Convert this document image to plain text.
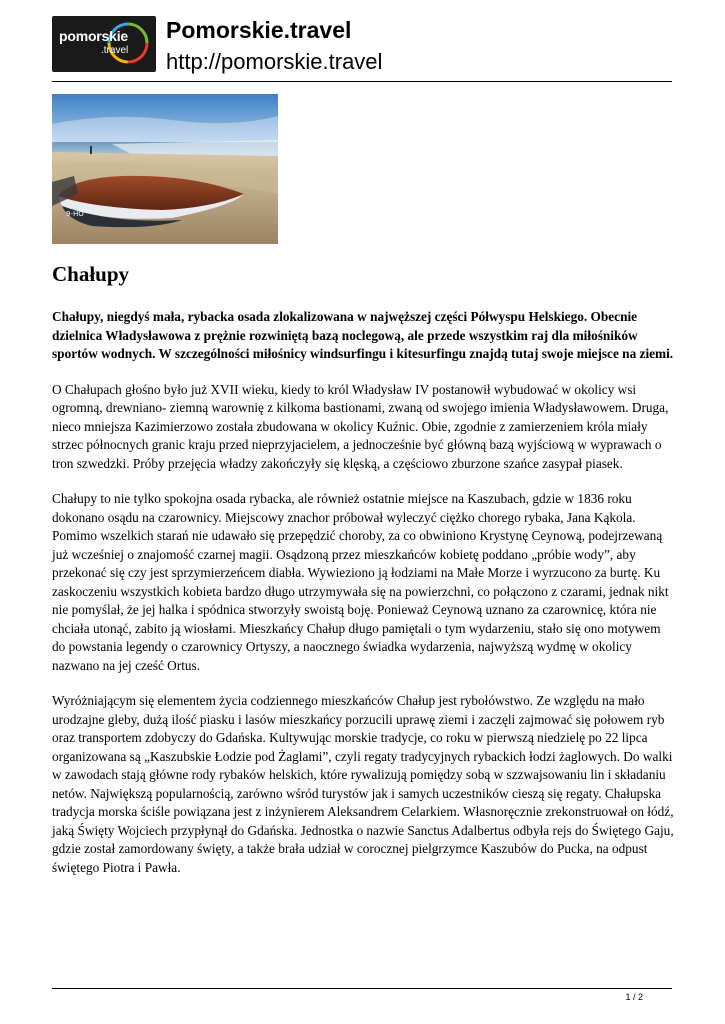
pomorskie
.travel
Pomorskie.travel
http://pomorskie.travel
9-HO
Chałupy

Chałupy, niegdyś mała, rybacka osada zlokalizowana w najwęższej części Półwyspu Helskiego. Obecnie dzielnica Władysławowa z prężnie rozwiniętą bazą noclegową, ale przede wszystkim raj dla miłośników sportów wodnych. W szczególności miłośnicy windsurfingu i kitesurfingu znajdą tutaj swoje miejsce na ziemi.

O Chałupach głośno było już XVII wieku, kiedy to król Władysław IV postanowił wybudować w okolicy wsi ogromną, drewniano- ziemną warownię z kilkoma bastionami, zwaną od swojego imienia Władysławowem. Druga, nieco mniejsza Kazimierzowo została zbudowana w okolicy Kuźnic. Obie, zgodnie z zamierzeniem króla miały strzec północnych granic kraju przed nieprzyjacielem, a jednocześnie być główną bazą wyjściową w wyprawach o tron szwedzki. Próby przejęcia władzy zakończyły się klęską, a częściowo zburzone szańce zasypał piasek.

Chałupy to nie tylko spokojna osada rybacka, ale również ostatnie miejsce na Kaszubach, gdzie w 1836 roku dokonano osądu na czarownicy. Miejscowy znachor próbował wyleczyć ciężko chorego rybaka, Jana Kąkola. Pomimo wszelkich starań nie udawało się przepędzić choroby, za co obwiniono Krystynę Ceynową, podejrzewaną już wcześniej o znajomość czarnej magii. Osądzoną przez mieszkańców kobietę poddano „próbie wody”, aby przekonać się czy jest sprzymierzeńcem diabła. Wywieziono ją łodziami na Małe Morze i wyrzucono za burtę. Ku zaskoczeniu wszystkich kobieta bardzo długo utrzymywała się na powierzchni, co połączono z czarami, jednak nikt nie pomyślał, że jej halka i spódnica stworzyły swoistą boję. Ponieważ Ceynową uznano za czarownicę, która nie chciała utonąć, zabito ją wiosłami. Mieszkańcy Chałup długo pamiętali o tym wydarzeniu, stało się ono motywem do powstania legendy o czarownicy Ortyszy, a naocznego świadka wydarzenia, najwyższą wydmę w okolicy nazwano na jej cześć Ortus.

Wyróżniającym się elementem życia codziennego mieszkańców Chałup jest rybołówstwo. Ze względu na mało urodzajne gleby, dużą ilość piasku i lasów mieszkańcy porzucili uprawę ziemi i zaczęli zajmować się połowem ryb oraz transportem zdobyczy do Gdańska. Kultywując morskie tradycje, co roku w pierwszą niedzielę po 22 lipca organizowana są „Kaszubskie Łodzie pod Żaglami”, czyli regaty tradycyjnych rybackich łodzi żaglowych. Do walki w zawodach stają główne rody rybaków helskich, które rywalizują pomiędzy sobą w szzwajsowaniu lin i składaniu netów. Największą popularnością, zarówno wśród turystów jak i samych uczestników cieszą się regaty. Chałupska tradycja morska ściśle powiązana jest z inżynierem Aleksandrem Celarkiem. Własnoręcznie zrekonstruował on łódź, jaką Święty Wojciech przypłynął do Gdańska. Jednostka o nazwie Sanctus Adalbertus odbyła rejs do Świętego Gaju, gdzie został zamordowany święty, a także brała udział w corocznej pielgrzymce Kaszubów do Pucka, na odpust świętego Piotra i Pawła.

1 / 2
